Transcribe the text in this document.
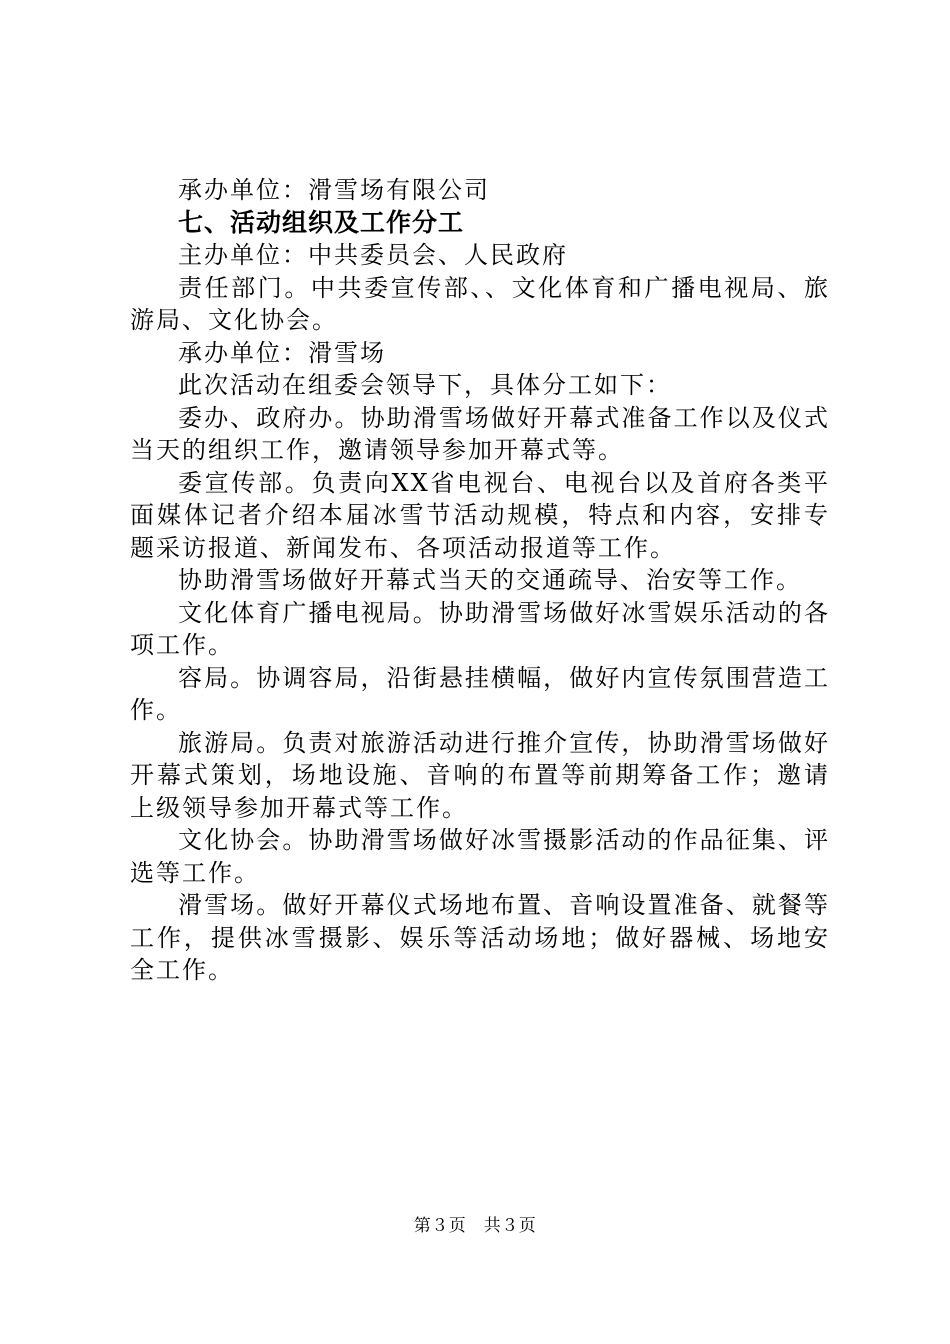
承办单位：滑雪场有限公司

七、活动组织及工作分工

主办单位：中共委员会、人民政府

责任部门。中共委宣传部、、文化体育和广播电视局、旅游局、文化协会。

承办单位：滑雪场

此次活动在组委会领导下，具体分工如下：

委办、政府办。协助滑雪场做好开幕式准备工作以及仪式当天的组织工作，邀请领导参加开幕式等。

委宣传部。负责向XX省电视台、电视台以及首府各类平面媒体记者介绍本届冰雪节活动规模，特点和内容，安排专题采访报道、新闻发布、各项活动报道等工作。

协助滑雪场做好开幕式当天的交通疏导、治安等工作。

文化体育广播电视局。协助滑雪场做好冰雪娱乐活动的各项工作。

容局。协调容局，沿街悬挂横幅，做好内宣传氛围营造工作。

旅游局。负责对旅游活动进行推介宣传，协助滑雪场做好开幕式策划，场地设施、音响的布置等前期筹备工作；邀请上级领导参加开幕式等工作。

文化协会。协助滑雪场做好冰雪摄影活动的作品征集、评选等工作。

滑雪场。做好开幕仪式场地布置、音响设置准备、就餐等工作，提供冰雪摄影、娱乐等活动场地；做好器械、场地安全工作。

第３页　共３页
